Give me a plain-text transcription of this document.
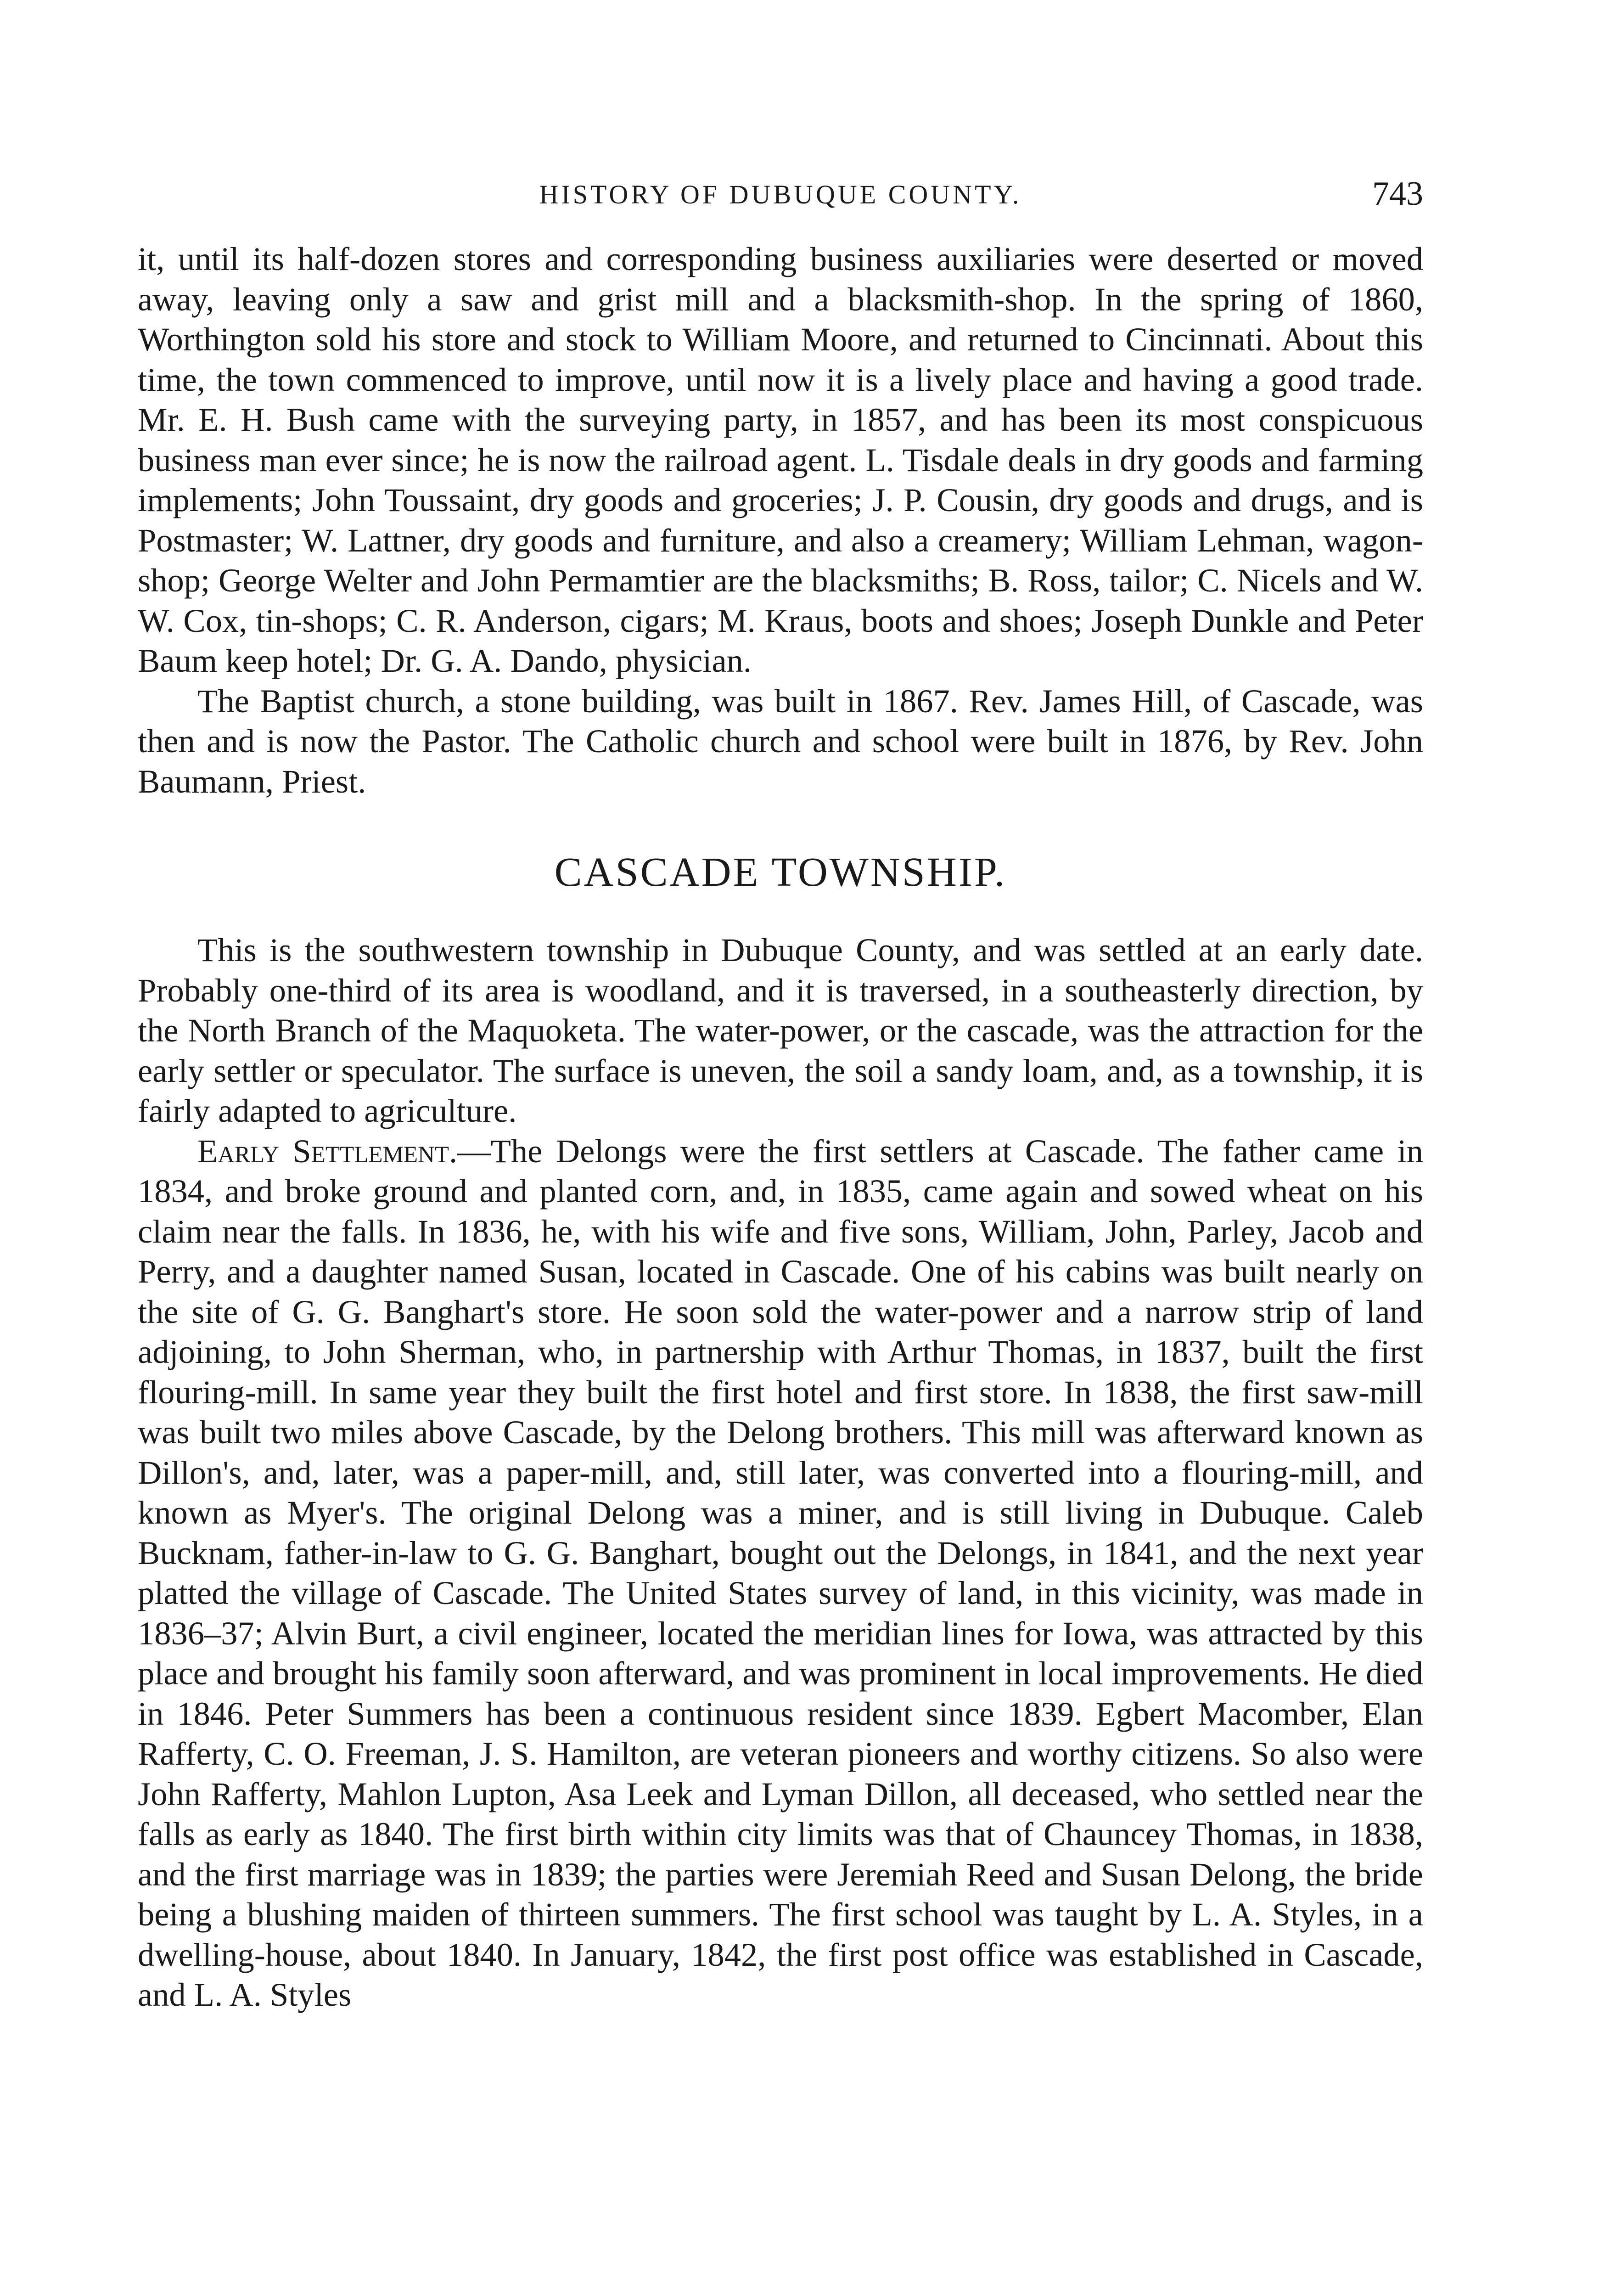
HISTORY OF DUBUQUE COUNTY.	743

it, until its half-dozen stores and corresponding business auxiliaries were deserted or moved away, leaving only a saw and grist mill and a blacksmith-shop. In the spring of 1860, Worthington sold his store and stock to William Moore, and returned to Cincinnati. About this time, the town commenced to improve, until now it is a lively place and having a good trade. Mr. E. H. Bush came with the surveying party, in 1857, and has been its most conspicuous business man ever since; he is now the railroad agent. L. Tisdale deals in dry goods and farming implements; John Toussaint, dry goods and groceries; J. P. Cousin, dry goods and drugs, and is Postmaster; W. Lattner, dry goods and furniture, and also a creamery; William Lehman, wagon-shop; George Welter and John Permamtier are the blacksmiths; B. Ross, tailor; C. Nicels and W. W. Cox, tin-shops; C. R. Anderson, cigars; M. Kraus, boots and shoes; Joseph Dunkle and Peter Baum keep hotel; Dr. G. A. Dando, physician.

The Baptist church, a stone building, was built in 1867. Rev. James Hill, of Cascade, was then and is now the Pastor. The Catholic church and school were built in 1876, by Rev. John Baumann, Priest.

CASCADE TOWNSHIP.

This is the southwestern township in Dubuque County, and was settled at an early date. Probably one-third of its area is woodland, and it is traversed, in a southeasterly direction, by the North Branch of the Maquoketa. The water-power, or the cascade, was the attraction for the early settler or speculator. The surface is uneven, the soil a sandy loam, and, as a township, it is fairly adapted to agriculture.

Early Settlement.—The Delongs were the first settlers at Cascade. The father came in 1834, and broke ground and planted corn, and, in 1835, came again and sowed wheat on his claim near the falls. In 1836, he, with his wife and five sons, William, John, Parley, Jacob and Perry, and a daughter named Susan, located in Cascade. One of his cabins was built nearly on the site of G. G. Banghart's store. He soon sold the water-power and a narrow strip of land adjoining, to John Sherman, who, in partnership with Arthur Thomas, in 1837, built the first flouring-mill. In same year they built the first hotel and first store. In 1838, the first saw-mill was built two miles above Cascade, by the Delong brothers. This mill was afterward known as Dillon's, and, later, was a paper-mill, and, still later, was converted into a flouring-mill, and known as Myer's. The original Delong was a miner, and is still living in Dubuque. Caleb Bucknam, father-in-law to G. G. Banghart, bought out the Delongs, in 1841, and the next year platted the village of Cascade. The United States survey of land, in this vicinity, was made in 1836–37; Alvin Burt, a civil engineer, located the meridian lines for Iowa, was attracted by this place and brought his family soon afterward, and was prominent in local improvements. He died in 1846. Peter Summers has been a continuous resident since 1839. Egbert Macomber, Elan Rafferty, C. O. Freeman, J. S. Hamilton, are veteran pioneers and worthy citizens. So also were John Rafferty, Mahlon Lupton, Asa Leek and Lyman Dillon, all deceased, who settled near the falls as early as 1840. The first birth within city limits was that of Chauncey Thomas, in 1838, and the first marriage was in 1839; the parties were Jeremiah Reed and Susan Delong, the bride being a blushing maiden of thirteen summers. The first school was taught by L. A. Styles, in a dwelling-house, about 1840. In January, 1842, the first post office was established in Cascade, and L. A. Styles
